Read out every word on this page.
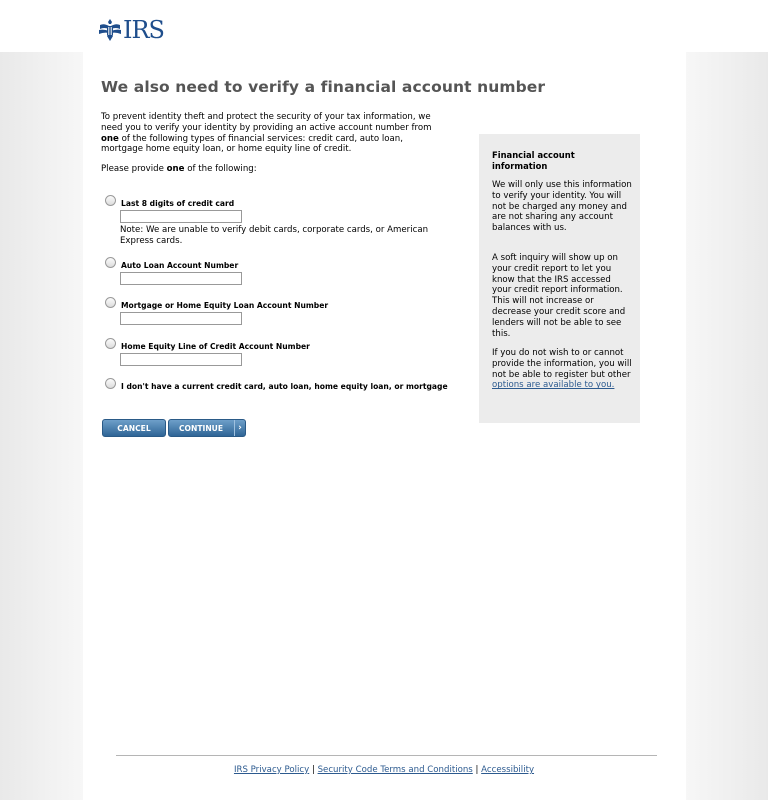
IRS
We also need to verify a financial account number
To prevent identity theft and protect the security of your tax information, we need you to verify your identity by providing an active account number from one of the following types of financial services: credit card, auto loan, mortgage home equity loan, or home equity line of credit.
Please provide one of the following:
Last 8 digits of credit card
Note: We are unable to verify debit cards, corporate cards, or American Express cards.
Auto Loan Account Number
Mortgage or Home Equity Loan Account Number
Home Equity Line of Credit Account Number
I don't have a current credit card, auto loan, home equity loan, or mortgage
CANCEL	CONTINUE	›
Financial account information
We will only use this information to verify your identity. You will not be charged any money and are not sharing any account balances with us.
A soft inquiry will show up on your credit report to let you know that the IRS accessed your credit report information. This will not increase or decrease your credit score and lenders will not be able to see this.
If you do not wish to or cannot provide the information, you will not be able to register but other options are available to you.
IRS Privacy Policy | Security Code Terms and Conditions | Accessibility
